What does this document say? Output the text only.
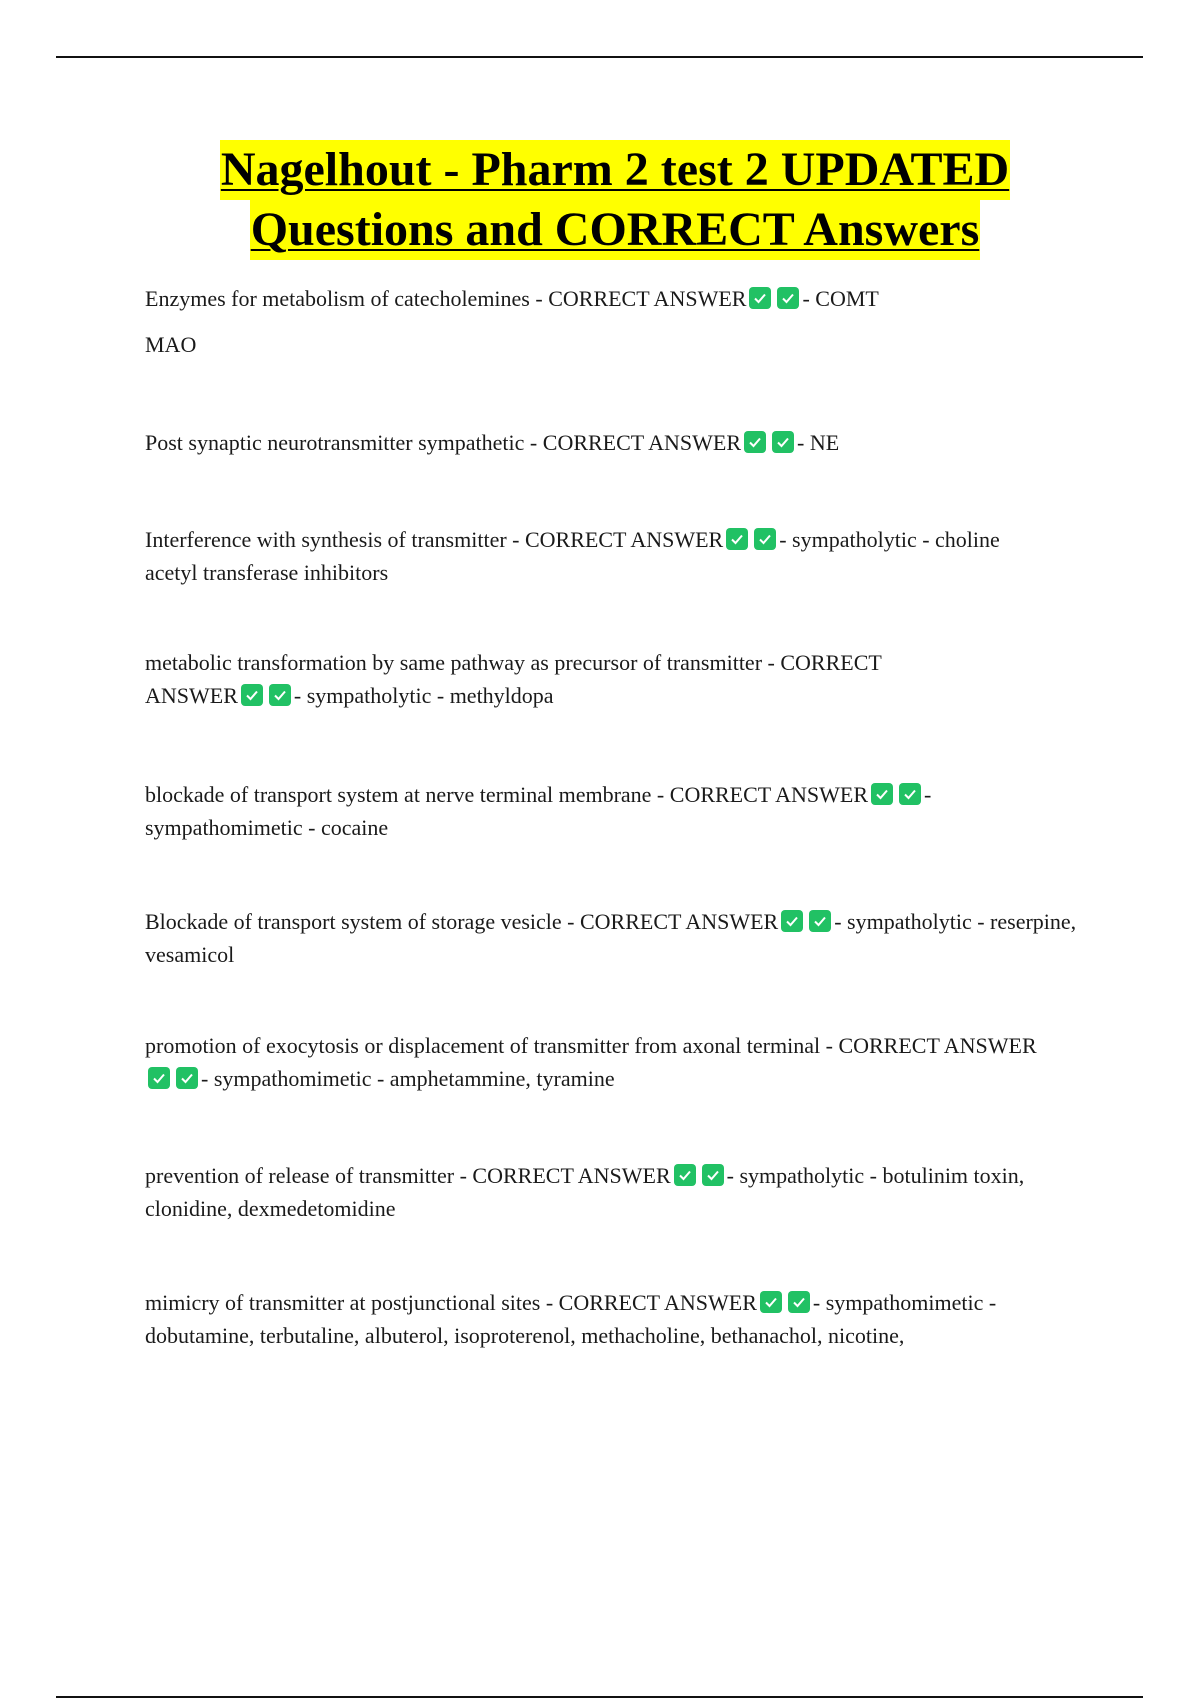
Nagelhout - Pharm 2 test 2 UPDATED
Questions and CORRECT Answers
Enzymes for metabolism of catecholemines - CORRECT ANSWER	- COMT
MAO
Post synaptic neurotransmitter sympathetic - CORRECT ANSWER	- NE
Interference with synthesis of transmitter - CORRECT ANSWER	- sympatholytic - choline acetyl transferase inhibitors
metabolic transformation by same pathway as precursor of transmitter - CORRECT ANSWER	- sympatholytic - methyldopa
blockade of transport system at nerve terminal membrane - CORRECT ANSWER	- sympathomimetic - cocaine
Blockade of transport system of storage vesicle - CORRECT ANSWER	- sympatholytic - reserpine, vesamicol
promotion of exocytosis or displacement of transmitter from axonal terminal - CORRECT ANSWER
- sympathomimetic - amphetammine, tyramine
prevention of release of transmitter - CORRECT ANSWER	- sympatholytic - botulinim toxin, clonidine, dexmedetomidine
mimicry of transmitter at postjunctional sites - CORRECT ANSWER	- sympathomimetic - dobutamine, terbutaline, albuterol, isoproterenol, methacholine, bethanachol, nicotine,
